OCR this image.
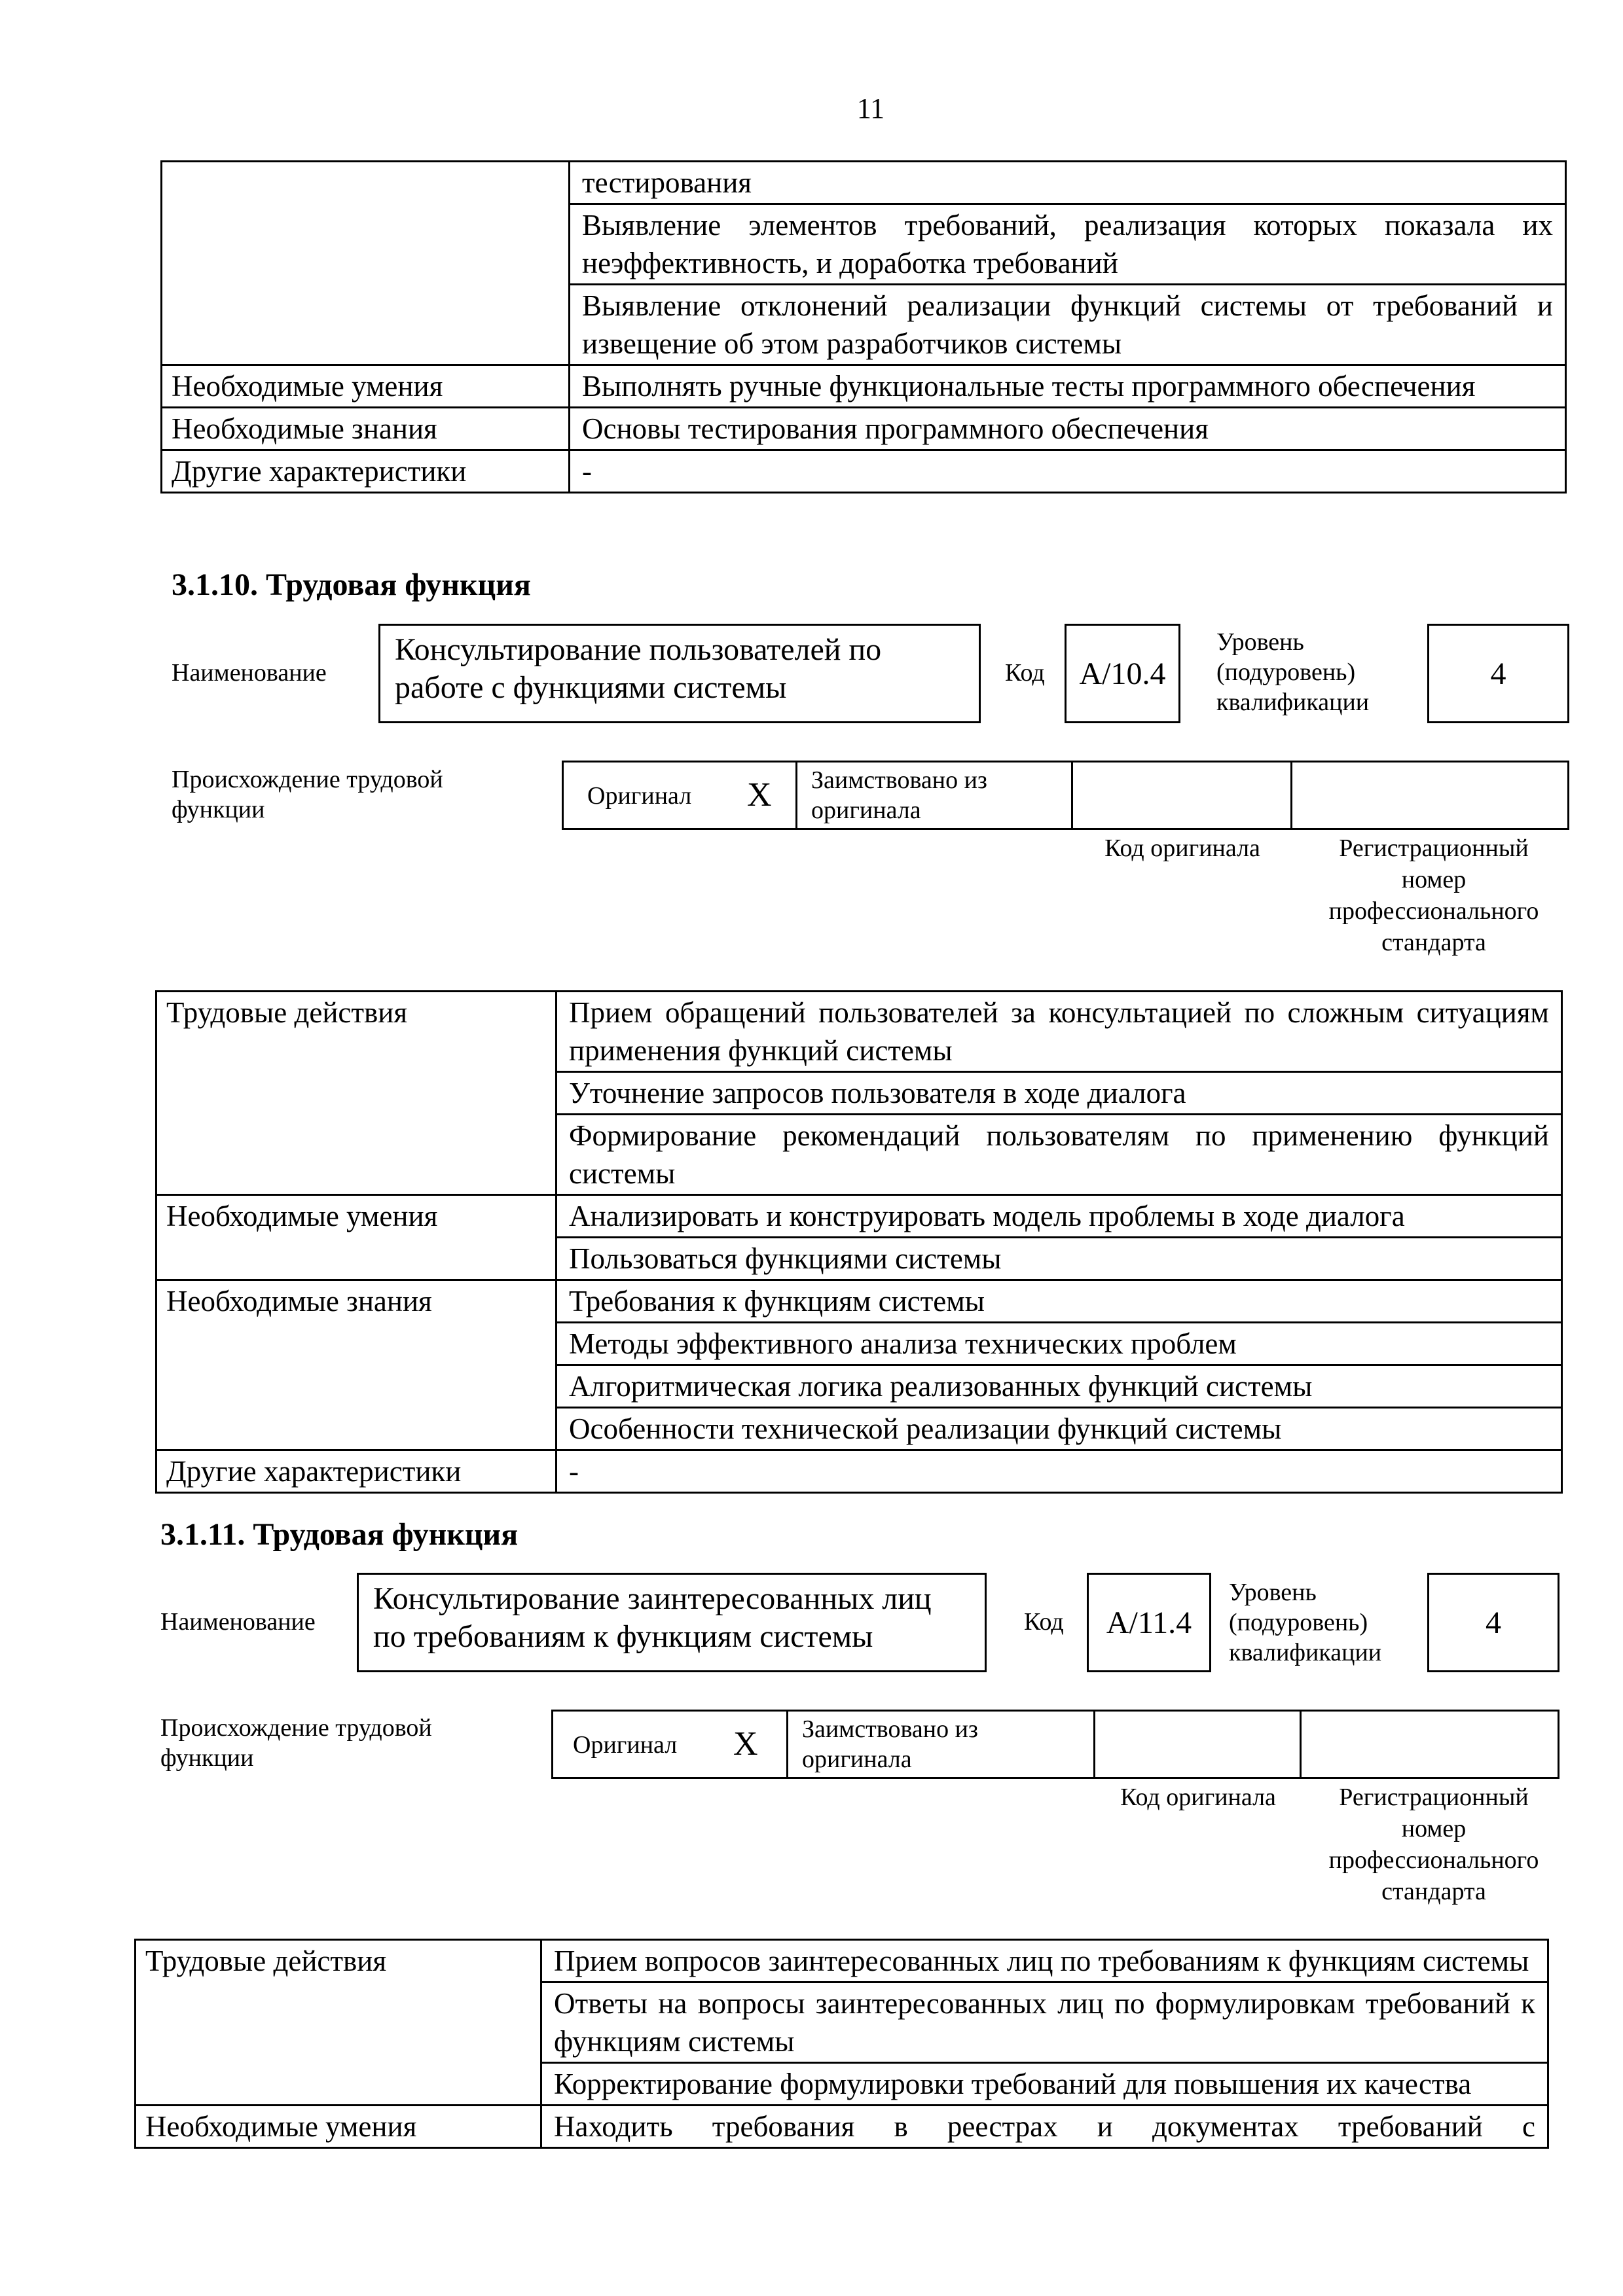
11
	тестирования
	Выявление элементов требований, реализация которых показала их неэффективность, и доработка требований
	Выявление отклонений реализации функций системы от требований и извещение об этом разработчиков системы
Необходимые умения	Выполнять ручные функциональные тесты программного обеспечения
Необходимые знания	Основы тестирования программного обеспечения
Другие характеристики	-
3.1.10. Трудовая функция
Наименование
Консультирование пользователей по работе с функциями системы	Код A/10.4
Уровень (подуровень) квалификации
4
Происхождение трудовой функции	Оригинал X Заимствовано из оригинала
Код оригинала	Регистрационный номер профессионального стандарта
Трудовые действия	Прием обращений пользователей за консультацией по сложным ситуациям применения функций системы
	Уточнение запросов пользователя в ходе диалога
	Формирование рекомендаций пользователям по применению функций системы
Необходимые умения	Анализировать и конструировать модель проблемы в ходе диалога
	Пользоваться функциями системы
Необходимые знания	Требования к функциям системы
	Методы эффективного анализа технических проблем
	Алгоритмическая логика реализованных функций системы
	Особенности технической реализации функций системы
Другие характеристики	-
3.1.11. Трудовая функция
Наименование
Консультирование заинтересованных лиц по требованиям к функциям системы	Код A/11.4
Уровень (подуровень) квалификации
4
Происхождение трудовой функции	Оригинал X Заимствовано из оригинала
Код оригинала	Регистрационный номер профессионального стандарта
Трудовые действия	Прием вопросов заинтересованных лиц по требованиям к функциям системы
	Ответы на вопросы заинтересованных лиц по формулировкам требований к функциям системы
	Корректирование формулировки требований для повышения их качества
Необходимые умения	Находить требования в реестрах и документах требований с
